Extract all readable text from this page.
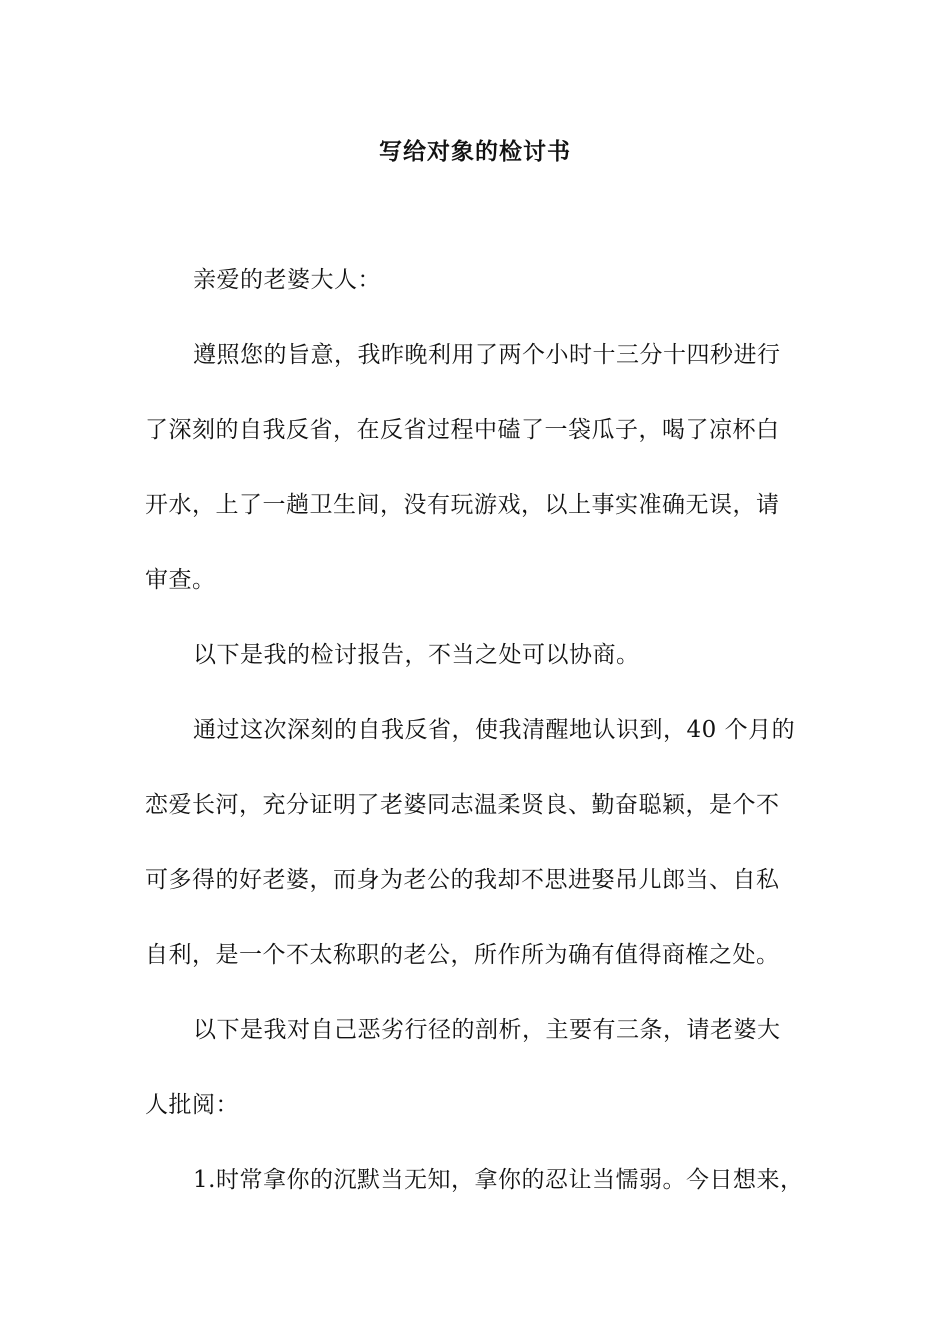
写给对象的检讨书
亲爱的老婆大人：
遵照您的旨意，我昨晚利用了两个小时十三分十四秒进行
了深刻的自我反省，在反省过程中磕了一袋瓜子，喝了凉杯白
开水，上了一趟卫生间，没有玩游戏，以上事实准确无误，请
审查。
以下是我的检讨报告，不当之处可以协商。
通过这次深刻的自我反省，使我清醒地认识到，40 个月的
恋爱长河，充分证明了老婆同志温柔贤良、勤奋聪颖，是个不
可多得的好老婆，而身为老公的我却不思进娶吊儿郎当、自私
自利，是一个不太称职的老公，所作所为确有值得商榷之处。
以下是我对自己恶劣行径的剖析，主要有三条，请老婆大
人批阅：
1.时常拿你的沉默当无知，拿你的忍让当懦弱。今日想来，
